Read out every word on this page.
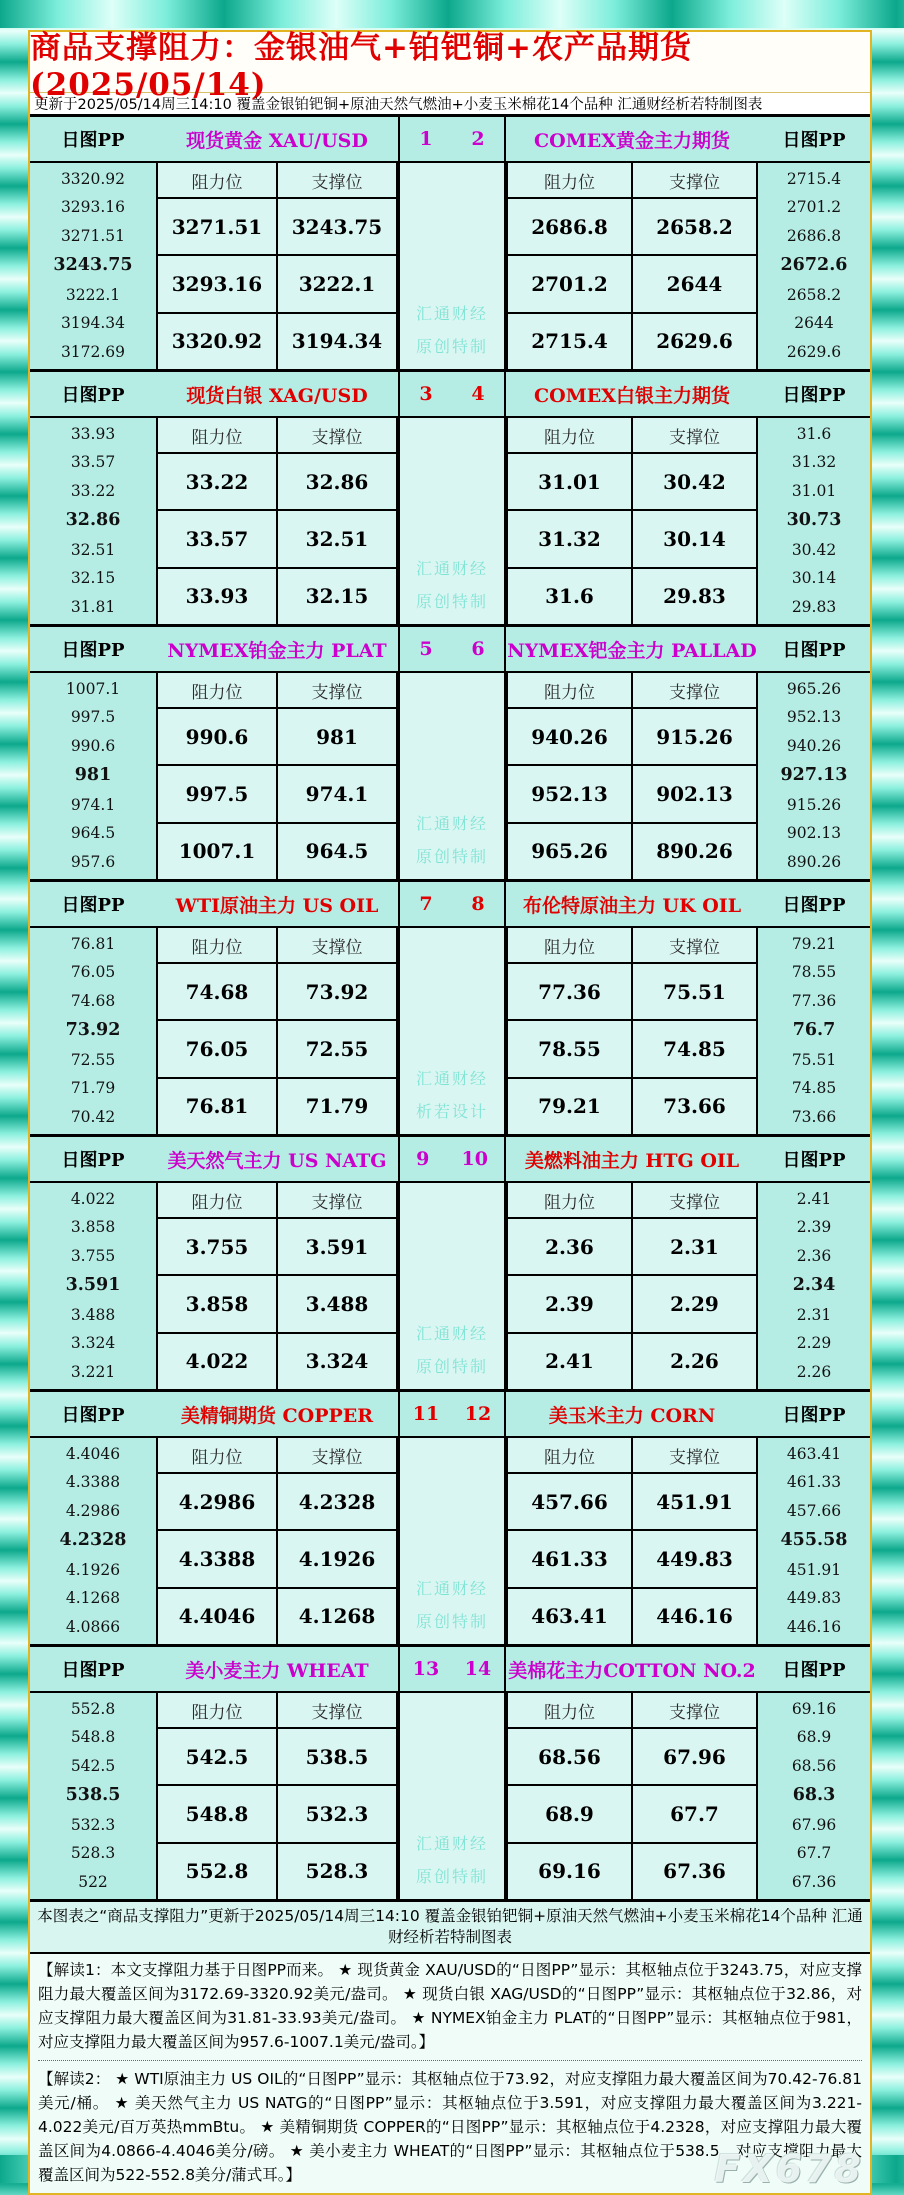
商品支撑阻力：金银油气+铂钯铜+农产品期货(2025/05/14)
更新于2025/05/14周三14:10 覆盖金银铂钯铜+原油天然气燃油+小麦玉米棉花14个品种 汇通财经析若特制图表
日图PP
3320.92
3293.16
3271.51
3243.75
3222.1
3194.34
3172.69
现货黄金 XAU/USD
阻力位	支撑位
3271.51	3243.75
3293.16	3222.1
3320.92	3194.34
1 2
汇通财经
原创特制
COMEX黄金主力期货
阻力位	支撑位
2686.8	2658.2
2701.2	2644
2715.4	2629.6
日图PP
2715.4
2701.2
2686.8
2672.6
2658.2
2644
2629.6
日图PP
33.93
33.57
33.22
32.86
32.51
32.15
31.81
现货白银 XAG/USD
阻力位	支撑位
33.22	32.86
33.57	32.51
33.93	32.15
3 4
汇通财经
原创特制
COMEX白银主力期货
阻力位	支撑位
31.01	30.42
31.32	30.14
31.6	29.83
日图PP
31.6
31.32
31.01
30.73
30.42
30.14
29.83
日图PP
1007.1
997.5
990.6
981
974.1
964.5
957.6
NYMEX铂金主力 PLAT
阻力位	支撑位
990.6	981
997.5	974.1
1007.1	964.5
5 6
汇通财经
原创特制
NYMEX钯金主力 PALLAD
阻力位	支撑位
940.26	915.26
952.13	902.13
965.26	890.26
日图PP
965.26
952.13
940.26
927.13
915.26
902.13
890.26
日图PP
76.81
76.05
74.68
73.92
72.55
71.79
70.42
WTI原油主力 US OIL
阻力位	支撑位
74.68	73.92
76.05	72.55
76.81	71.79
7 8
汇通财经
析若设计
布伦特原油主力 UK OIL
阻力位	支撑位
77.36	75.51
78.55	74.85
79.21	73.66
日图PP
79.21
78.55
77.36
76.7
75.51
74.85
73.66
日图PP
4.022
3.858
3.755
3.591
3.488
3.324
3.221
美天然气主力 US NATG
阻力位	支撑位
3.755	3.591
3.858	3.488
4.022	3.324
9 10
汇通财经
原创特制
美燃料油主力 HTG OIL
阻力位	支撑位
2.36	2.31
2.39	2.29
2.41	2.26
日图PP
2.41
2.39
2.36
2.34
2.31
2.29
2.26
日图PP
4.4046
4.3388
4.2986
4.2328
4.1926
4.1268
4.0866
美精铜期货 COPPER
阻力位	支撑位
4.2986	4.2328
4.3388	4.1926
4.4046	4.1268
11 12
汇通财经
原创特制
美玉米主力 CORN
阻力位	支撑位
457.66	451.91
461.33	449.83
463.41	446.16
日图PP
463.41
461.33
457.66
455.58
451.91
449.83
446.16
日图PP
552.8
548.8
542.5
538.5
532.3
528.3
522
美小麦主力 WHEAT
阻力位	支撑位
542.5	538.5
548.8	532.3
552.8	528.3
13 14
汇通财经
原创特制
美棉花主力COTTON NO.2
阻力位	支撑位
68.56	67.96
68.9	67.7
69.16	67.36
日图PP
69.16
68.9
68.56
68.3
67.96
67.7
67.36
本图表之“商品支撑阻力”更新于2025/05/14周三14:10 覆盖金银铂钯铜+原油天然气燃油+小麦玉米棉花14个品种 汇通财经析若特制图表

【解读1：本文支撑阻力基于日图PP而来。 ★ 现货黄金 XAU/USD的“日图PP”显示：其枢轴点位于3243.75，对应支撑阻力最大覆盖区间为3172.69-3320.92美元/盎司。 ★ 现货白银 XAG/USD的“日图PP”显示：其枢轴点位于32.86，对应支撑阻力最大覆盖区间为31.81-33.93美元/盎司。 ★ NYMEX铂金主力 PLAT的“日图PP”显示：其枢轴点位于981，对应支撑阻力最大覆盖区间为957.6-1007.1美元/盎司。】

【解读2： ★ WTI原油主力 US OIL的“日图PP”显示：其枢轴点位于73.92，对应支撑阻力最大覆盖区间为70.42-76.81美元/桶。 ★ 美天然气主力 US NATG的“日图PP”显示：其枢轴点位于3.591，对应支撑阻力最大覆盖区间为3.221-4.022美元/百万英热mmBtu。 ★ 美精铜期货 COPPER的“日图PP”显示：其枢轴点位于4.2328，对应支撑阻力最大覆盖区间为4.0866-4.4046美分/磅。 ★ 美小麦主力 WHEAT的“日图PP”显示：其枢轴点位于538.5，对应支撑阻力最大覆盖区间为522-552.8美分/蒲式耳。】	FX678
